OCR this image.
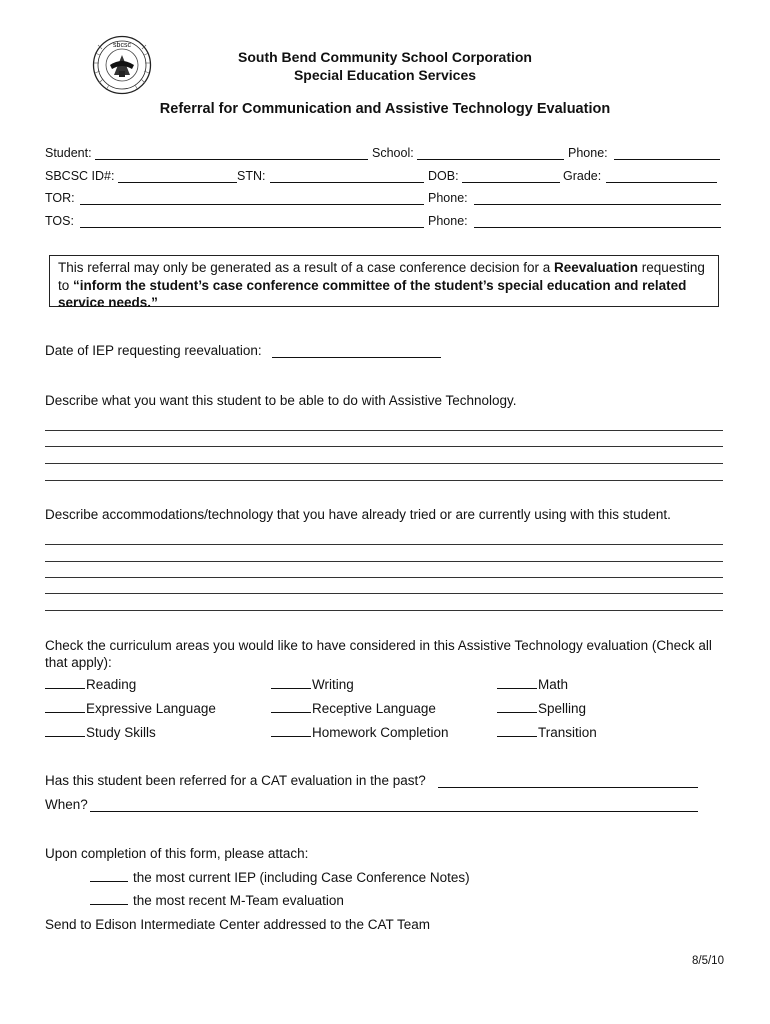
sbcsc
South Bend Community School Corporation
Special Education Services
Referral for Communication and Assistive Technology Evaluation
Student:	School:	Phone:
SBCSC ID#:	STN:	DOB:	Grade:
TOR:	Phone:
TOS:	Phone:
This referral may only be generated as a result of a case conference decision for a Reevaluation requesting to “inform the student’s case conference committee of the student’s special education and related service needs.”
Date of IEP requesting reevaluation:
Describe what you want this student to be able to do with Assistive Technology.
Describe accommodations/technology that you have already tried or are currently using with this student.
Check the curriculum areas you would like to have considered in this Assistive Technology evaluation (Check all that apply):
Reading	Writing	Math
Expressive Language	Receptive Language	Spelling
Study Skills	Homework Completion	Transition
Has this student been referred for a CAT evaluation in the past?
When?
Upon completion of this form, please attach:
the most current IEP (including Case Conference Notes)
the most recent M-Team evaluation
Send to Edison Intermediate Center addressed to the CAT Team
8/5/10
